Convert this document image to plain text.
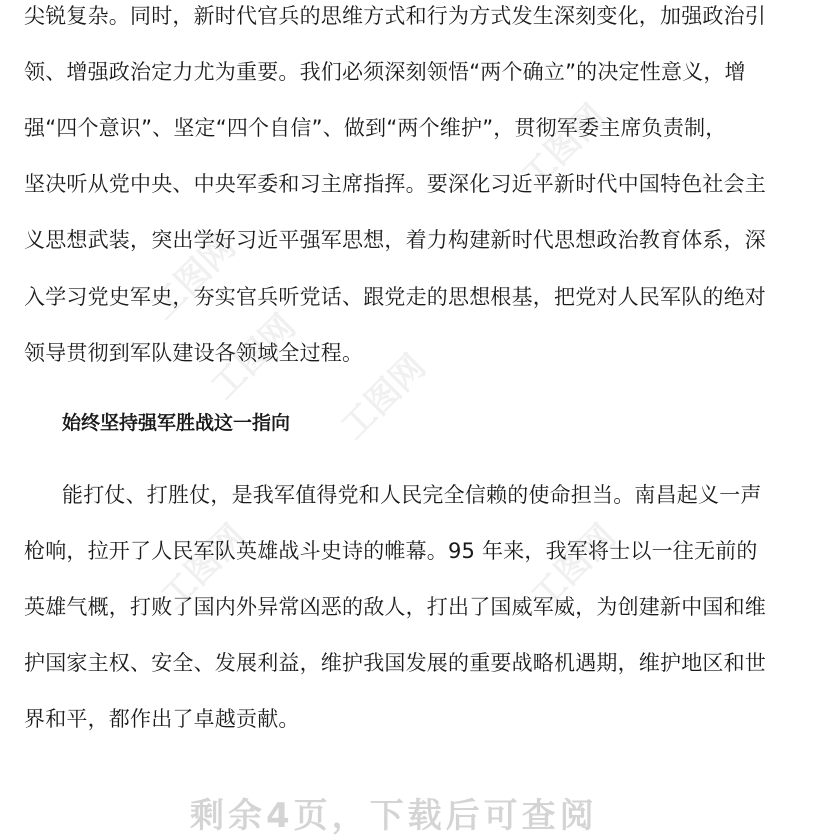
工图网
工图网
工图网 工图网
工图网	工图网
尖锐复杂。同时，新时代官兵的思维方式和行为方式发生深刻变化，加强政治引
领、增强政治定力尤为重要。我们必须深刻领悟“两个确立”的决定性意义，增
强“四个意识”、坚定“四个自信”、做到“两个维护”，贯彻军委主席负责制，
坚决听从党中央、中央军委和习主席指挥。要深化习近平新时代中国特色社会主
义思想武装，突出学好习近平强军思想，着力构建新时代思想政治教育体系，深
入学习党史军史，夯实官兵听党话、跟党走的思想根基，把党对人民军队的绝对
领导贯彻到军队建设各领域全过程。
始终坚持强军胜战这一指向
能打仗、打胜仗，是我军值得党和人民完全信赖的使命担当。南昌起义一声
枪响，拉开了人民军队英雄战斗史诗的帷幕。95 年来，我军将士以一往无前的
英雄气概，打败了国内外异常凶恶的敌人，打出了国威军威，为创建新中国和维
护国家主权、安全、发展利益，维护我国发展的重要战略机遇期，维护地区和世
界和平，都作出了卓越贡献。
剩余4页，下载后可查阅
